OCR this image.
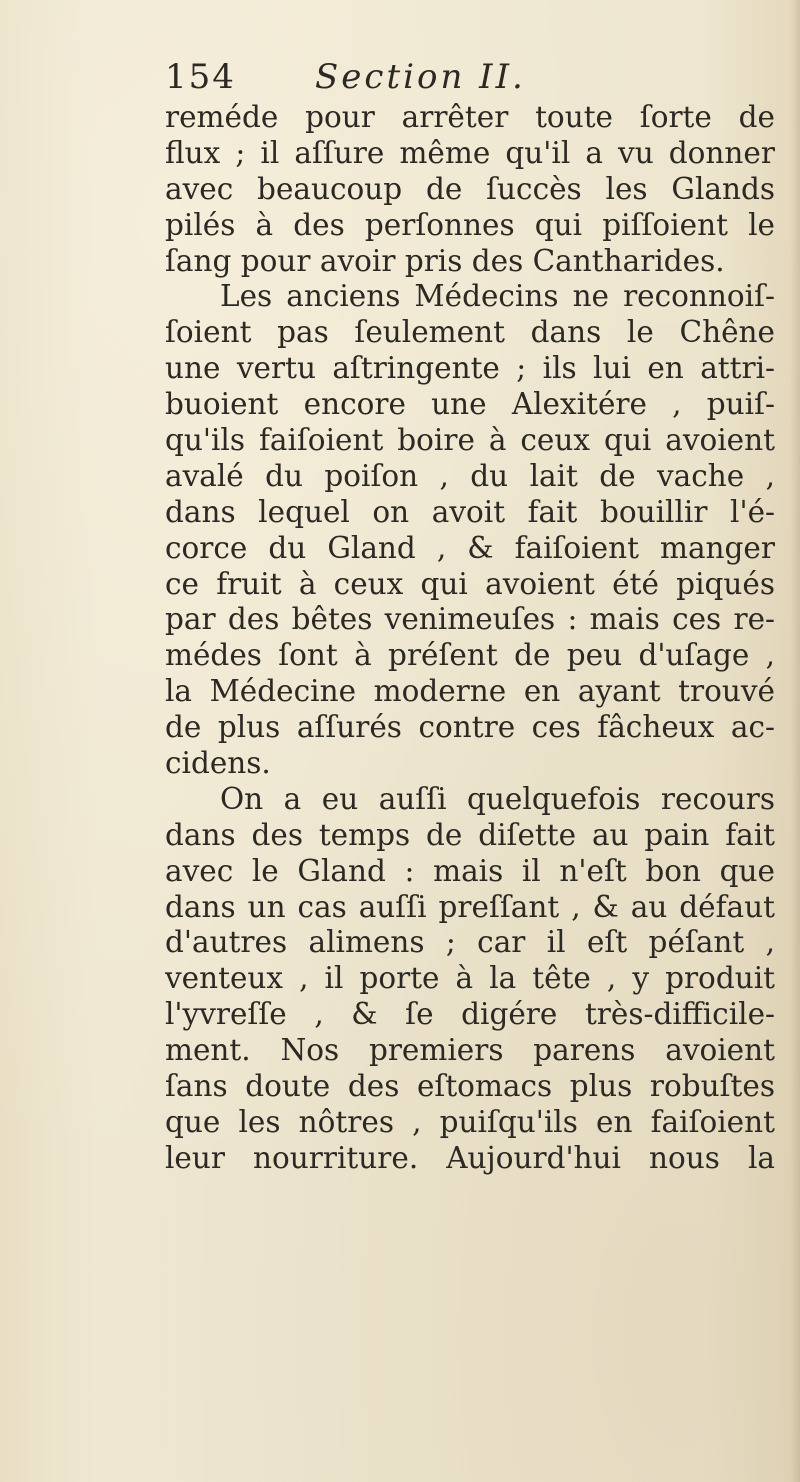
154 Section II.
reméde pour arrêter toute ſorte de
flux ; il aſſure même qu'il a vu donner
avec beaucoup de ſuccès les Glands
pilés à des perſonnes qui piſſoient le
ſang pour avoir pris des Cantharides.
Les anciens Médecins ne reconnoiſ-
ſoient pas ſeulement dans le Chêne
une vertu aſtringente ; ils lui en attri-
buoient encore une Alexitére , puiſ-
qu'ils faiſoient boire à ceux qui avoient
avalé du poiſon , du lait de vache ,
dans lequel on avoit fait bouillir l'é-
corce du Gland , & faiſoient manger
ce fruit à ceux qui avoient été piqués
par des bêtes venimeuſes : mais ces re-
médes ſont à préſent de peu d'uſage ,
la Médecine moderne en ayant trouvé
de plus aſſurés contre ces fâcheux ac-
cidens.
On a eu auſſi quelquefois recours
dans des temps de diſette au pain fait
avec le Gland : mais il n'eſt bon que
dans un cas auſſi preſſant , & au défaut
d'autres alimens ; car il eſt péſant ,
venteux , il porte à la tête , y produit
l'yvreſſe , & ſe digére très-difficile-
ment. Nos premiers parens avoient
ſans doute des eſtomacs plus robuſtes
que les nôtres , puiſqu'ils en faiſoient
leur nourriture. Aujourd'hui nous la
